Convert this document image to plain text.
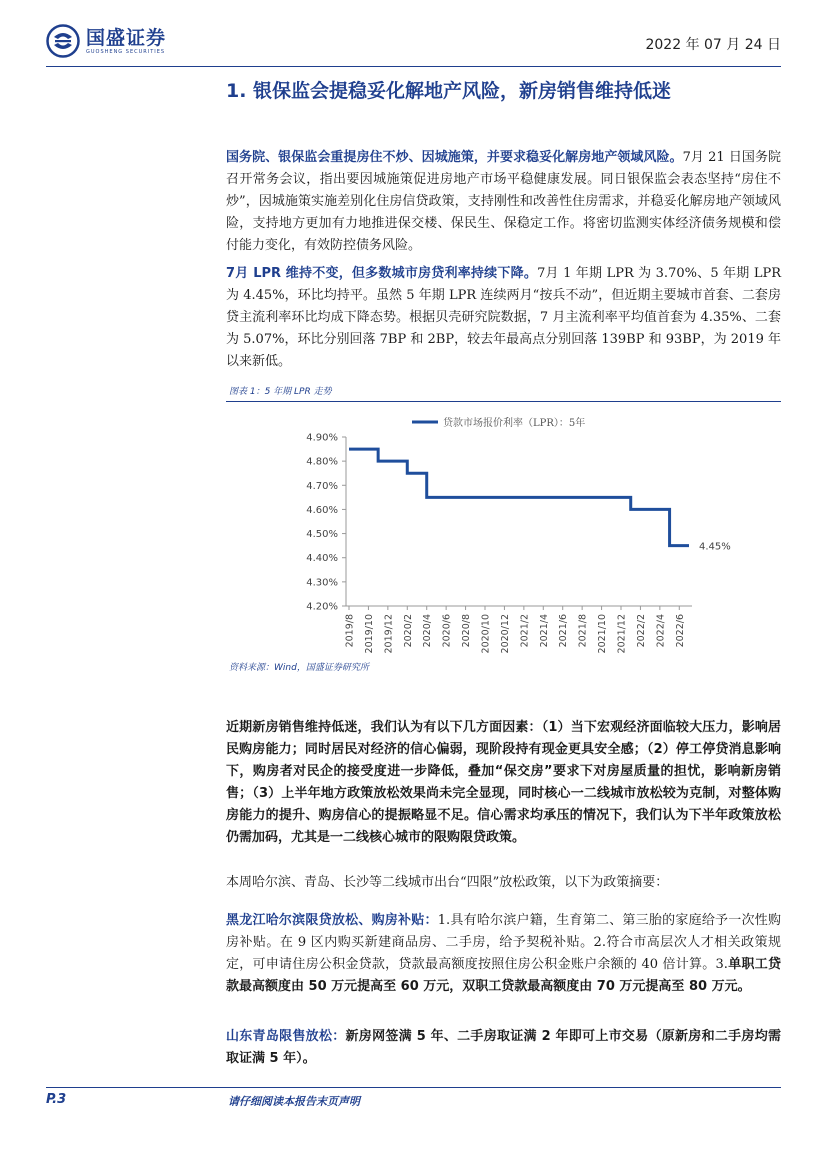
国盛证券
GUOSHENG SECURITIES	2022 年 07 月 24 日
1. 银保监会提稳妥化解地产风险，新房销售维持低迷
国务院、银保监会重提房住不炒、因城施策，并要求稳妥化解房地产领域风险。7月 21 日国务院召开常务会议，指出要因城施策促进房地产市场平稳健康发展。同日银保监会表态坚持“房住不炒”，因城施策实施差别化住房信贷政策，支持刚性和改善性住房需求，并稳妥化解房地产领域风险，支持地方更加有力地推进保交楼、保民生、保稳定工作。将密切监测实体经济债务规模和偿付能力变化，有效防控债务风险。
7月 LPR 维持不变，但多数城市房贷利率持续下降。7月 1 年期 LPR 为 3.70%、5 年期 LPR 为 4.45%，环比均持平。虽然 5 年期 LPR 连续两月“按兵不动”，但近期主要城市首套、二套房贷主流利率环比均成下降态势。根据贝壳研究院数据，7 月主流利率平均值首套为 4.35%、二套为 5.07%，环比分别回落 7BP 和 2BP，较去年最高点分别回落 139BP 和 93BP，为 2019 年以来新低。
图表 1：5 年期 LPR 走势
4.90%
4.80%
4.70%
4.60%
4.50%
4.40%
4.30%
4.20%
2019/8 2019/10 2019/12 2020/2 2020/4 2020/6 2020/8 2020/10 2020/12 2021/2 2021/4 2021/6 2021/8 2021/10 2021/12 2022/2 2022/4 2022/6
4.45%
贷款市场报价利率（LPR）：5年
资料来源：Wind，国盛证券研究所
近期新房销售维持低迷，我们认为有以下几方面因素：（1）当下宏观经济面临较大压力，影响居民购房能力；同时居民对经济的信心偏弱，现阶段持有现金更具安全感；（2）停工停贷消息影响下，购房者对民企的接受度进一步降低，叠加“保交房”要求下对房屋质量的担忧，影响新房销售；（3）上半年地方政策放松效果尚未完全显现，同时核心一二线城市放松较为克制，对整体购房能力的提升、购房信心的提振略显不足。信心需求均承压的情况下，我们认为下半年政策放松仍需加码，尤其是一二线核心城市的限购限贷政策。
本周哈尔滨、青岛、长沙等二线城市出台“四限”放松政策，以下为政策摘要：
黑龙江哈尔滨限贷放松、购房补贴：1.具有哈尔滨户籍，生育第二、第三胎的家庭给予一次性购房补贴。在 9 区内购买新建商品房、二手房，给予契税补贴。2.符合市高层次人才相关政策规定，可申请住房公积金贷款，贷款最高额度按照住房公积金账户余额的 40 倍计算。3.单职工贷款最高额度由 50 万元提高至 60 万元，双职工贷款最高额度由 70 万元提高至 80 万元。
山东青岛限售放松：新房网签满 5 年、二手房取证满 2 年即可上市交易（原新房和二手房均需取证满 5 年）。
P.3	请仔细阅读本报告末页声明
